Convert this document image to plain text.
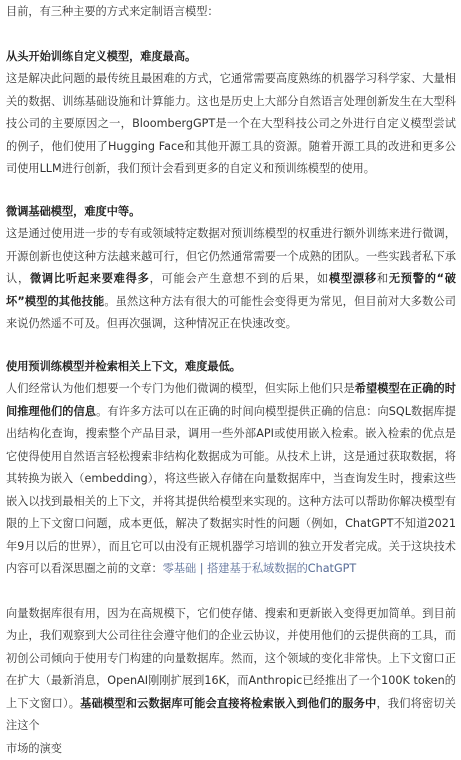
目前，有三种主要的方式来定制语言模型：

从头开始训练自定义模型，难度最高。

这是解决此问题的最传统且最困难的方式，它通常需要高度熟练的机器学习科学家、大量相关的数据、训练基础设施和计算能力。这也是历史上大部分自然语言处理创新发生在大型科技公司的主要原因之一，BloombergGPT是一个在大型科技公司之外进行自定义模型尝试的例子，他们使用了Hugging Face和其他开源工具的资源。随着开源工具的改进和更多公司使用LLM进行创新，我们预计会看到更多的自定义和预训练模型的使用。

微调基础模型，难度中等。

这是通过使用进一步的专有或领域特定数据对预训练模型的权重进行额外训练来进行微调，开源创新也使这种方法越来越可行，但它仍然通常需要一个成熟的团队。一些实践者私下承认，微调比听起来要难得多，可能会产生意想不到的后果，如模型漂移和无预警的“破坏”模型的其他技能。虽然这种方法有很大的可能性会变得更为常见，但目前对大多数公司来说仍然遥不可及。但再次强调，这种情况正在快速改变。

使用预训练模型并检索相关上下文，难度最低。

人们经常认为他们想要一个专门为他们微调的模型，但实际上他们只是希望模型在正确的时间推理他们的信息。有许多方法可以在正确的时间向模型提供正确的信息：向SQL数据库提出结构化查询，搜索整个产品目录，调用一些外部API或使用嵌入检索。嵌入检索的优点是它使得使用自然语言轻松搜索非结构化数据成为可能。从技术上讲，这是通过获取数据，将其转换为嵌入（embedding），将这些嵌入存储在向量数据库中，当查询发生时，搜索这些嵌入以找到最相关的上下文，并将其提供给模型来实现的。这种方法可以帮助你解决模型有限的上下文窗口问题，成本更低，解决了数据实时性的问题（例如，ChatGPT不知道2021年9月以后的世界），而且它可以由没有正规机器学习培训的独立开发者完成。关于这块技术内容可以看深思圈之前的文章：零基础 | 搭建基于私域数据的ChatGPT

向量数据库很有用，因为在高规模下，它们使存储、搜索和更新嵌入变得更加简单。到目前为止，我们观察到大公司往往会遵守他们的企业云协议，并使用他们的云提供商的工具，而初创公司倾向于使用专门构建的向量数据库。然而，这个领域的变化非常快。上下文窗口正在扩大（最新消息，OpenAI刚刚扩展到16K，而Anthropic已经推出了一个100K token的上下文窗口）。基础模型和云数据库可能会直接将检索嵌入到他们的服务中，我们将密切关注这个

市场的演变
